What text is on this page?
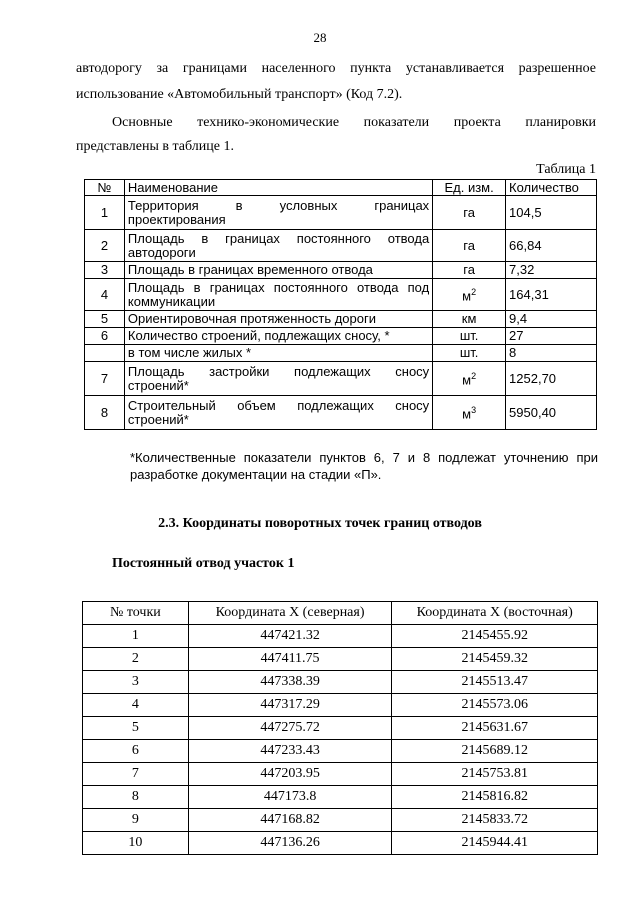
28
автодорогу за границами населенного пункта устанавливается разрешенное
использование «Автомобильный транспорт» (Код 7.2).
Основные технико-экономические показатели проекта планировки
представлены в таблице 1.
Таблица 1
№	Наименование	Ед. изм.	Количество
1	Территория в условных границах проектирования	га	104,5
2	Площадь в границах постоянного отвода автодороги	га	66,84
3	Площадь в границах временного отвода	га	7,32
4	Площадь в границах постоянного отвода под коммуникации	$м^2$	164,31
5	Ориентировочная протяженность дороги	км	9,4
6	Количество строений, подлежащих сносу, *	шт.	27
	в том числе жилых *	шт.	8
7	Площадь застройки подлежащих сносу строений*	$м^2$	1252,70
8	Строительный объем подлежащих сносу строений*	$м^3$	5950,40
*Количественные показатели пунктов 6, 7 и 8 подлежат уточнению при разработке документации на стадии «П».
2.3. Координаты поворотных точек границ отводов
Постоянный отвод участок 1
№ точки	Координата X (северная)	Координата X (восточная)
1	447421.32	2145455.92
2	447411.75	2145459.32
3	447338.39	2145513.47
4	447317.29	2145573.06
5	447275.72	2145631.67
6	447233.43	2145689.12
7	447203.95	2145753.81
8	447173.8	2145816.82
9	447168.82	2145833.72
10	447136.26	2145944.41
